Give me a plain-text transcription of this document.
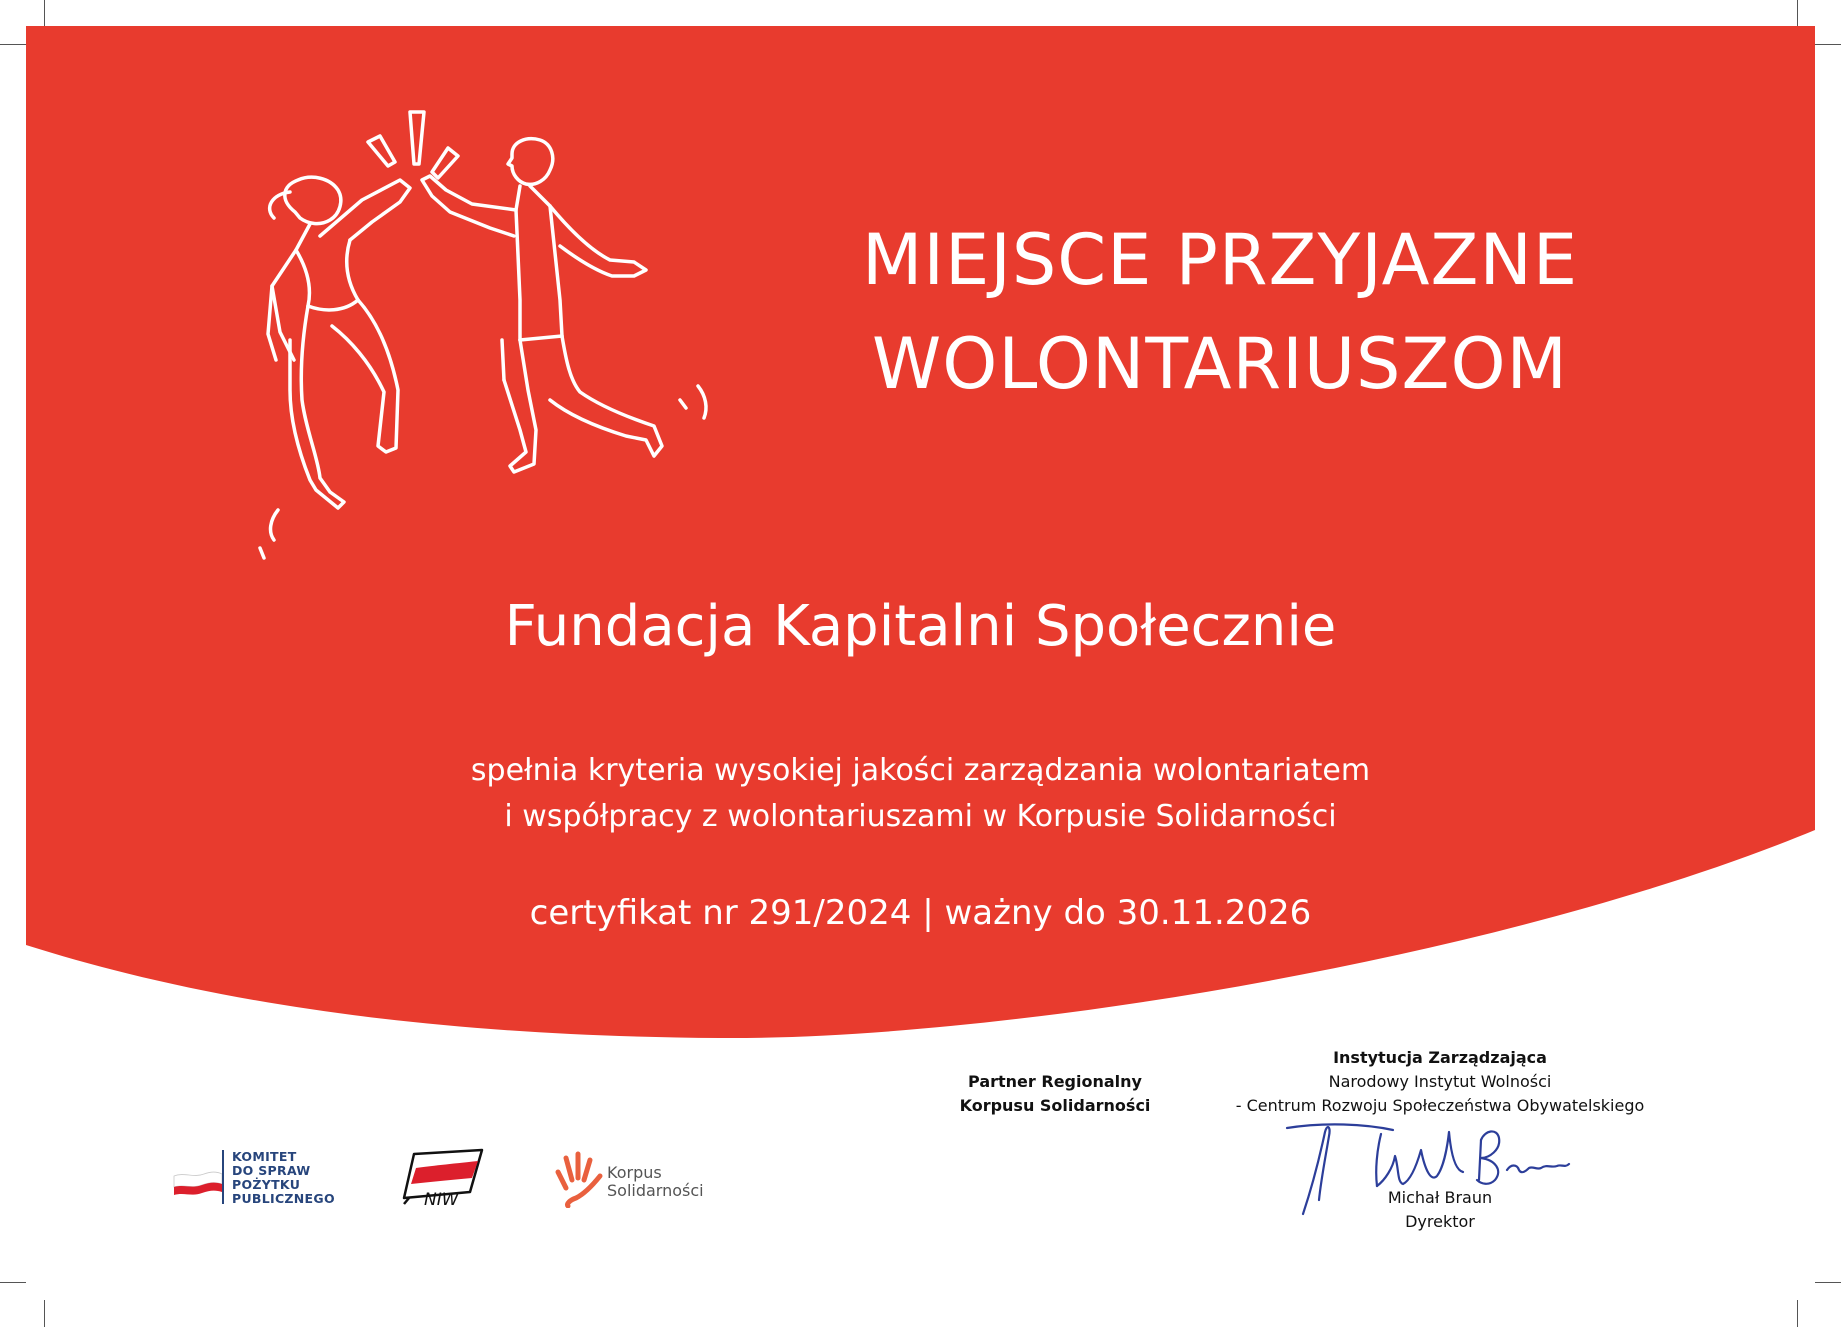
MIEJSCE PRZYJAZNE
WOLONTARIUSZOM
Fundacja Kapitalni Społecznie

spełnia kryteria wysokiej jakości zarządzania wolontariatem
i współpracy z wolontariuszami w Korpusie Solidarności

certyfikat nr 291/2024 | ważny do 30.11.2026

Partner Regionalny
Korpusu Solidarności
Instytucja Zarządzająca
Narodowy Instytut Wolności
- Centrum Rozwoju Społeczeństwa Obywatelskiego
Michał Braun
Dyrektor
KOMITET
DO SPRAW
POŻYTKU
PUBLICZNEGO	NIW
Korpus
Solidarności
